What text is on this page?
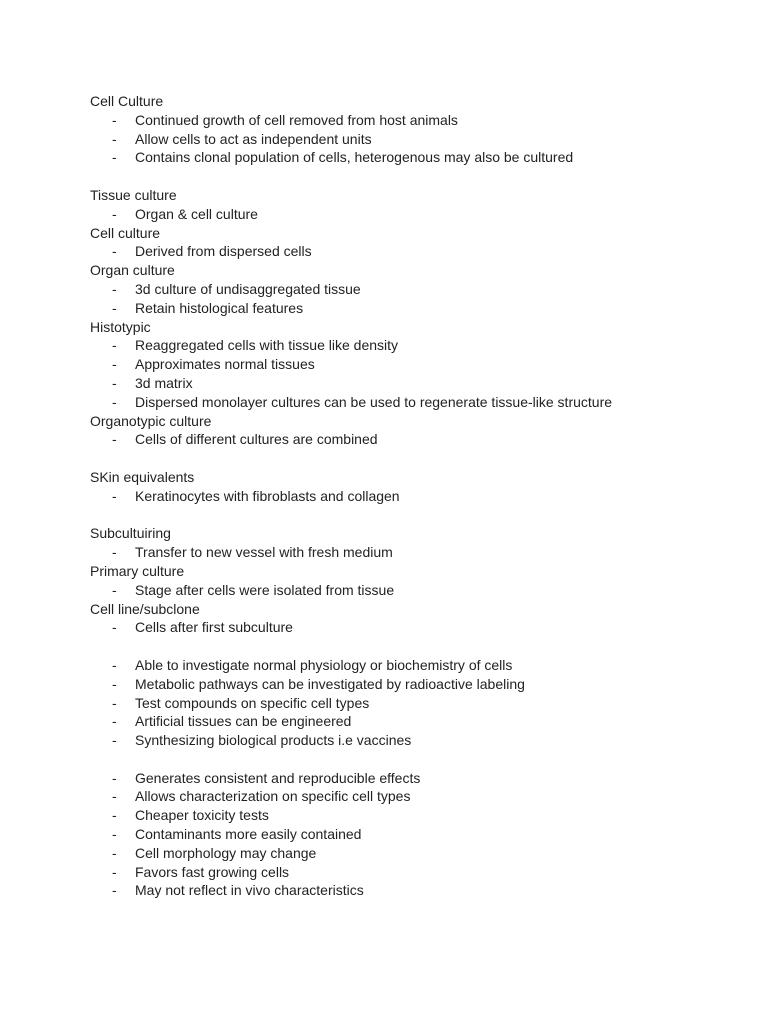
Cell Culture
- Continued growth of cell removed from host animals
- Allow cells to act as independent units
- Contains clonal population of cells, heterogenous may also be cultured
Tissue culture
- Organ & cell culture
Cell culture
- Derived from dispersed cells
Organ culture
- 3d culture of undisaggregated tissue
- Retain histological features
Histotypic
- Reaggregated cells with tissue like density
- Approximates normal tissues
- 3d matrix
- Dispersed monolayer cultures can be used to regenerate tissue-like structure
Organotypic culture
- Cells of different cultures are combined
SKin equivalents
- Keratinocytes with fibroblasts and collagen
Subcultuiring
- Transfer to new vessel with fresh medium
Primary culture
- Stage after cells were isolated from tissue
Cell line/subclone
- Cells after first subculture
- Able to investigate normal physiology or biochemistry of cells
- Metabolic pathways can be investigated by radioactive labeling
- Test compounds on specific cell types
- Artificial tissues can be engineered
- Synthesizing biological products i.e vaccines
- Generates consistent and reproducible effects
- Allows characterization on specific cell types
- Cheaper toxicity tests
- Contaminants more easily contained
- Cell morphology may change
- Favors fast growing cells
- May not reflect in vivo characteristics
